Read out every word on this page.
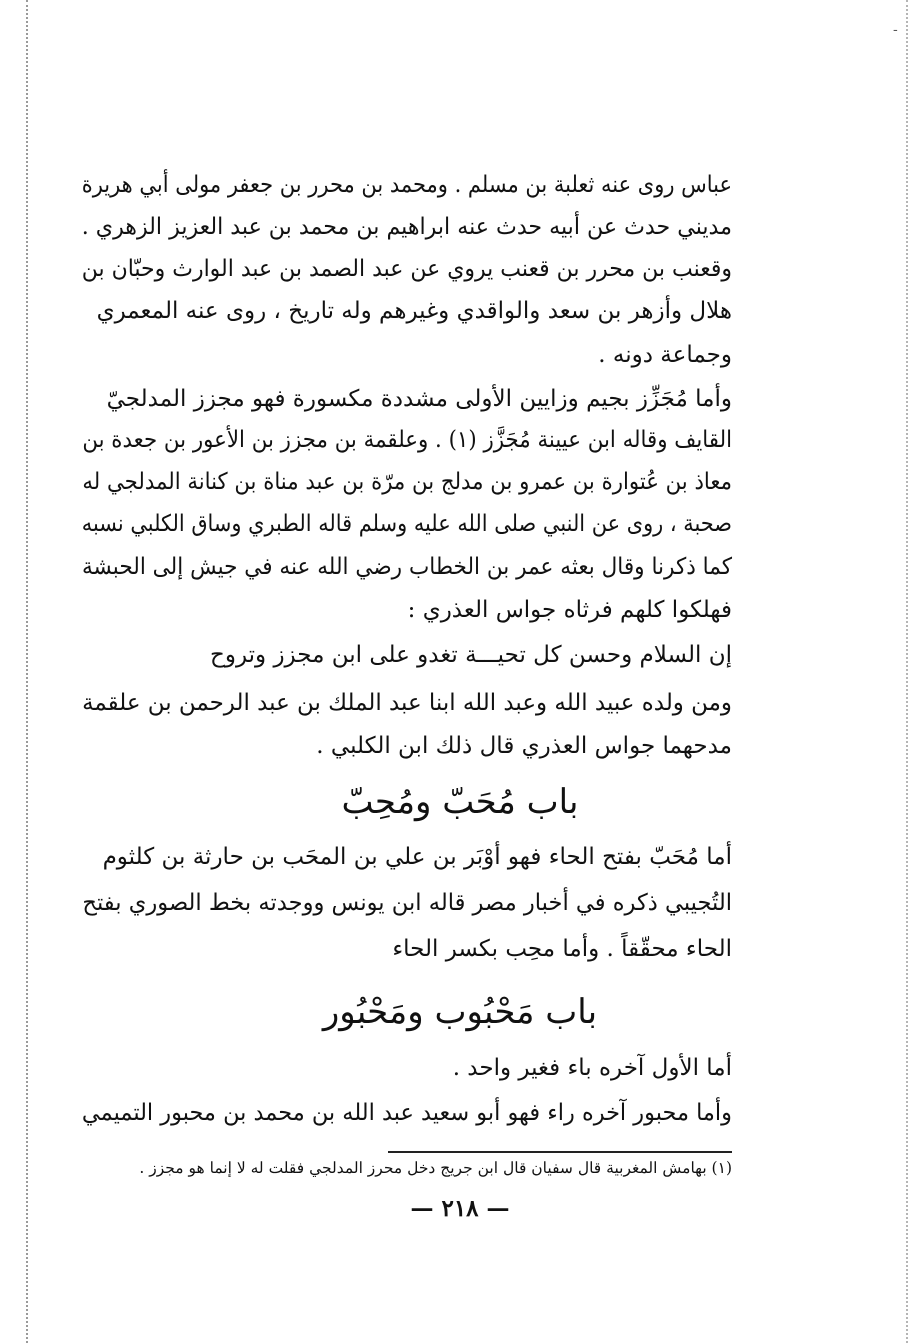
-
عباس روى عنه ثعلبة بن مسلم . ومحمد بن محرر بن جعفر مولى أبي هريرة
مديني حدث عن أبيه حدث عنه ابراهيم بن محمد بن عبد العزيز الزهري .
وقعنب بن محرر بن قعنب يروي عن عبد الصمد بن عبد الوارث وحبّان بن
هلال وأزهر بن سعد والواقدي وغيرهم وله تاريخ ، روى عنه المعمري
وجماعة دونه .
وأما مُجَزِّز بجيم وزايين الأولى مشددة مكسورة فهو مجزز المدلجيّ
القايف وقاله ابن عيينة مُجَزَّز (١) . وعلقمة بن مجزز بن الأعور بن جعدة بن
معاذ بن عُتوارة بن عمرو بن مدلج بن مرّة بن عبد مناة بن كنانة المدلجي له
صحبة ، روى عن النبي صلى الله عليه وسلم قاله الطبري وساق الكلبي نسبه
كما ذكرنا وقال بعثه عمر بن الخطاب رضي الله عنه في جيش إلى الحبشة
فهلكوا كلهم فرثاه جواس العذري :
إن السلام وحسن كل تحيـــة تغدو على ابن مجزز وتروح
ومن ولده عبيد الله وعبد الله ابنا عبد الملك بن عبد الرحمن بن علقمة
مدحهما جواس العذري قال ذلك ابن الكلبي .
أما مُحَبّ بفتح الحاء فهو أوْبَر بن علي بن المحَب بن حارثة بن كلثوم
التُجيبي ذكره في أخبار مصر قاله ابن يونس ووجدته بخط الصوري بفتح
الحاء محقّقاً . وأما محِب بكسر الحاء
أما الأول آخره باء فغير واحد .
وأما محبور آخره راء فهو أبو سعيد عبد الله بن محمد بن محبور التميمي
باب مُحَبّ ومُحِبّ
باب مَحْبُوب ومَحْبُور
(١) بهامش المغربية قال سفيان قال ابن جريج دخل محرز المدلجي فقلت له لا إنما هو مجزز .
— ٢١٨ —
